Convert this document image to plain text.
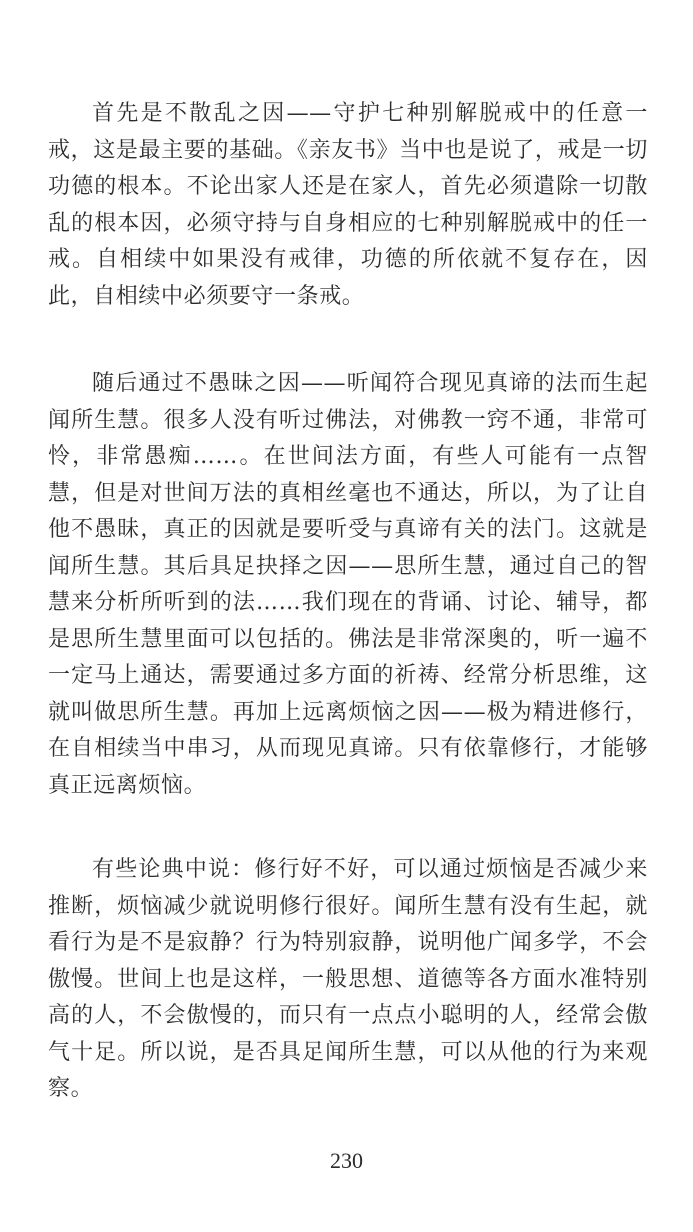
首先是不散乱之因——守护七种别解脱戒中的任意一戒，这是最主要的基础。《亲友书》当中也是说了，戒是一切功德的根本。不论出家人还是在家人，首先必须遣除一切散乱的根本因，必须守持与自身相应的七种别解脱戒中的任一戒。自相续中如果没有戒律，功德的所依就不复存在，因此，自相续中必须要守一条戒。

随后通过不愚昧之因——听闻符合现见真谛的法而生起闻所生慧。很多人没有听过佛法，对佛教一窍不通，非常可怜，非常愚痴……。在世间法方面，有些人可能有一点智慧，但是对世间万法的真相丝毫也不通达，所以，为了让自他不愚昧，真正的因就是要听受与真谛有关的法门。这就是闻所生慧。其后具足抉择之因——思所生慧，通过自己的智慧来分析所听到的法……我们现在的背诵、讨论、辅导，都是思所生慧里面可以包括的。佛法是非常深奥的，听一遍不一定马上通达，需要通过多方面的祈祷、经常分析思维，这就叫做思所生慧。再加上远离烦恼之因——极为精进修行，在自相续当中串习，从而现见真谛。只有依靠修行，才能够真正远离烦恼。

有些论典中说：修行好不好，可以通过烦恼是否减少来推断，烦恼减少就说明修行很好。闻所生慧有没有生起，就看行为是不是寂静？行为特别寂静，说明他广闻多学，不会傲慢。世间上也是这样，一般思想、道德等各方面水准特别高的人，不会傲慢的，而只有一点点小聪明的人，经常会傲气十足。所以说，是否具足闻所生慧，可以从他的行为来观察。

230
